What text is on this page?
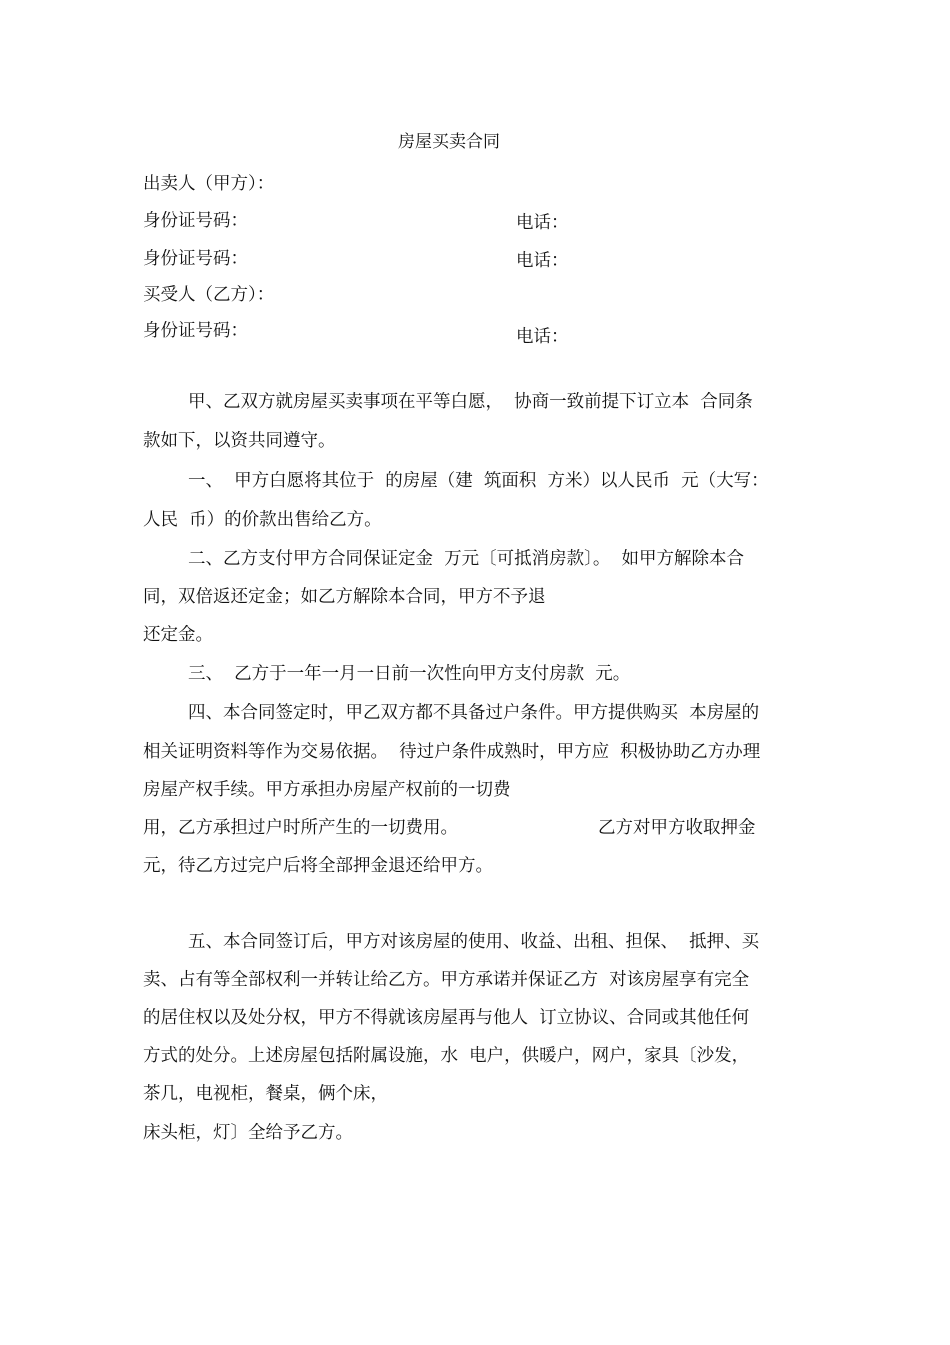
房屋买卖合同
出卖人（甲方）：
身份证号码：	电话：
身份证号码：	电话：
买受人（乙方）：
身份证号码：	电话：
甲、乙双方就房屋买卖事项在平等白愿，  协商一致前提下订立本  合同条
款如下，以资共同遵守。
一、  甲方白愿将其位于  的房屋（建  筑面积  方米）以人民币  元（大写：
人民  币）的价款出售给乙方。
二、乙方支付甲方合同保证定金  万元〔可抵消房款〕。  如甲方解除本合
同，双倍返还定金；如乙方解除本合同，甲方不予退
还定金。
三、  乙方于一年一月一日前一次性向甲方支付房款  元。
四、本合同签定时，甲乙双方都不具备过户条件。甲方提供购买  本房屋的
相关证明资料等作为交易依据。  待过户条件成熟时，甲方应  积极协助乙方办理
房屋产权手续。甲方承担办房屋产权前的一切费
用，乙方承担过户时所产生的一切费用。	乙方对甲方收取押金
元，待乙方过完户后将全部押金退还给甲方。
五、本合同签订后，甲方对该房屋的使用、收益、出租、担保、  抵押、买
卖、占有等全部权利一并转让给乙方。甲方承诺并保证乙方  对该房屋享有完全
的居住权以及处分权，甲方不得就该房屋再与他人  订立协议、合同或其他任何
方式的处分。上述房屋包括附属设施，水  电户，供暖户，网户，家具〔沙发，
茶几，电视柜，餐桌，俩个床，
床头柜，灯〕全给予乙方。
